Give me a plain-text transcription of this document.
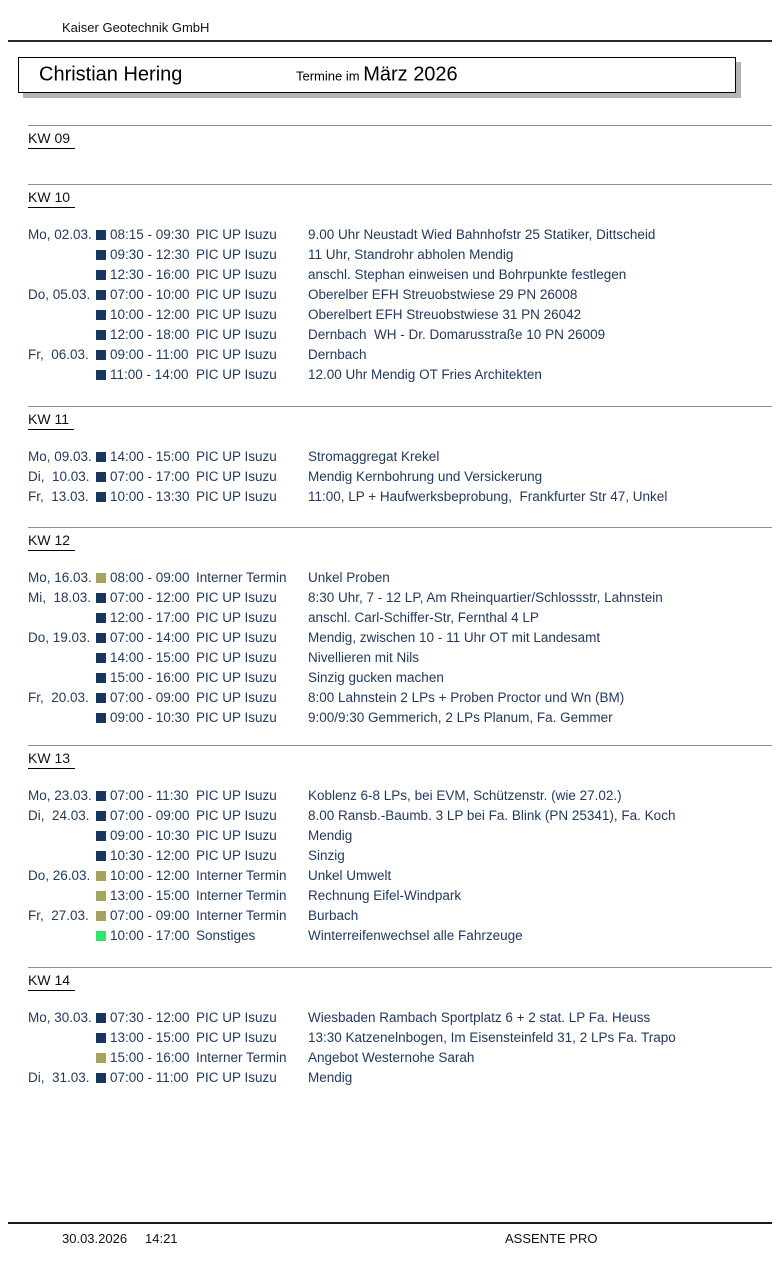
Kaiser Geotechnik GmbH
Christian Hering	Termine im März 2026
KW 09
KW 10
Mo, 02.03. 08:15 - 09:30 PIC UP Isuzu 9.00 Uhr Neustadt Wied Bahnhofstr 25 Statiker, Dittscheid
09:30 - 12:30 PIC UP Isuzu 11 Uhr, Standrohr abholen Mendig
12:30 - 16:00 PIC UP Isuzu anschl. Stephan einweisen und Bohrpunkte festlegen
Do, 05.03. 07:00 - 10:00 PIC UP Isuzu Oberelber EFH Streuobstwiese 29 PN 26008
10:00 - 12:00 PIC UP Isuzu Oberelbert EFH Streuobstwiese 31 PN 26042
12:00 - 18:00 PIC UP Isuzu Dernbach  WH - Dr. Domarusstraße 10 PN 26009
Fr,  06.03. 09:00 - 11:00 PIC UP Isuzu Dernbach
11:00 - 14:00 PIC UP Isuzu 12.00 Uhr Mendig OT Fries Architekten
KW 11
Mo, 09.03. 14:00 - 15:00 PIC UP Isuzu Stromaggregat Krekel
Di,  10.03. 07:00 - 17:00 PIC UP Isuzu Mendig Kernbohrung und Versickerung
Fr,  13.03. 10:00 - 13:30 PIC UP Isuzu 11:00, LP + Haufwerksbeprobung,  Frankfurter Str 47, Unkel
KW 12
Mo, 16.03. 08:00 - 09:00 Interner Termin Unkel Proben
Mi,  18.03. 07:00 - 12:00 PIC UP Isuzu 8:30 Uhr, 7 - 12 LP, Am Rheinquartier/Schlossstr, Lahnstein
12:00 - 17:00 PIC UP Isuzu anschl. Carl-Schiffer-Str, Fernthal 4 LP
Do, 19.03. 07:00 - 14:00 PIC UP Isuzu Mendig, zwischen 10 - 11 Uhr OT mit Landesamt
14:00 - 15:00 PIC UP Isuzu Nivellieren mit Nils
15:00 - 16:00 PIC UP Isuzu Sinzig gucken machen
Fr,  20.03. 07:00 - 09:00 PIC UP Isuzu 8:00 Lahnstein 2 LPs + Proben Proctor und Wn (BM)
09:00 - 10:30 PIC UP Isuzu 9:00/9:30 Gemmerich, 2 LPs Planum, Fa. Gemmer
KW 13
Mo, 23.03. 07:00 - 11:30 PIC UP Isuzu Koblenz 6-8 LPs, bei EVM, Schützenstr. (wie 27.02.)
Di,  24.03. 07:00 - 09:00 PIC UP Isuzu 8.00 Ransb.-Baumb. 3 LP bei Fa. Blink (PN 25341), Fa. Koch
09:00 - 10:30 PIC UP Isuzu Mendig
10:30 - 12:00 PIC UP Isuzu Sinzig
Do, 26.03. 10:00 - 12:00 Interner Termin Unkel Umwelt
13:00 - 15:00 Interner Termin Rechnung Eifel-Windpark
Fr,  27.03. 07:00 - 09:00 Interner Termin Burbach
10:00 - 17:00 Sonstiges	Winterreifenwechsel alle Fahrzeuge
KW 14
Mo, 30.03. 07:30 - 12:00 PIC UP Isuzu Wiesbaden Rambach Sportplatz 6 + 2 stat. LP Fa. Heuss
13:00 - 15:00 PIC UP Isuzu 13:30 Katzenelnbogen, Im Eisensteinfeld 31, 2 LPs Fa. Trapo
15:00 - 16:00 Interner Termin Angebot Westernohe Sarah
Di,  31.03. 07:00 - 11:00 PIC UP Isuzu Mendig
30.03.2026 14:21	ASSENTE PRO
